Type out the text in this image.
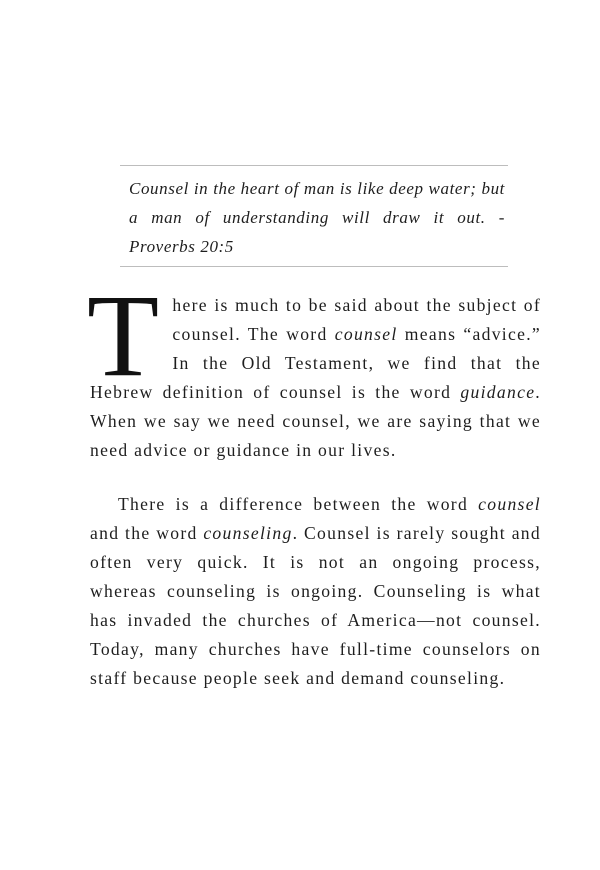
Counsel in the heart of man is like deep water; but a man of understanding will draw it out. - Proverbs 20:5

There is much to be said about the subject of counsel. The word counsel means “advice.” In the Old Testament, we find that the Hebrew definition of counsel is the word guidance. When we say we need counsel, we are saying that we need advice or guidance in our lives.

There is a difference between the word counsel and the word counseling. Counsel is rarely sought and often very quick. It is not an ongoing process, whereas counseling is ongoing. Counseling is what has invaded the churches of America—not counsel. Today, many churches have full-time counselors on staff because people seek and demand counseling.
